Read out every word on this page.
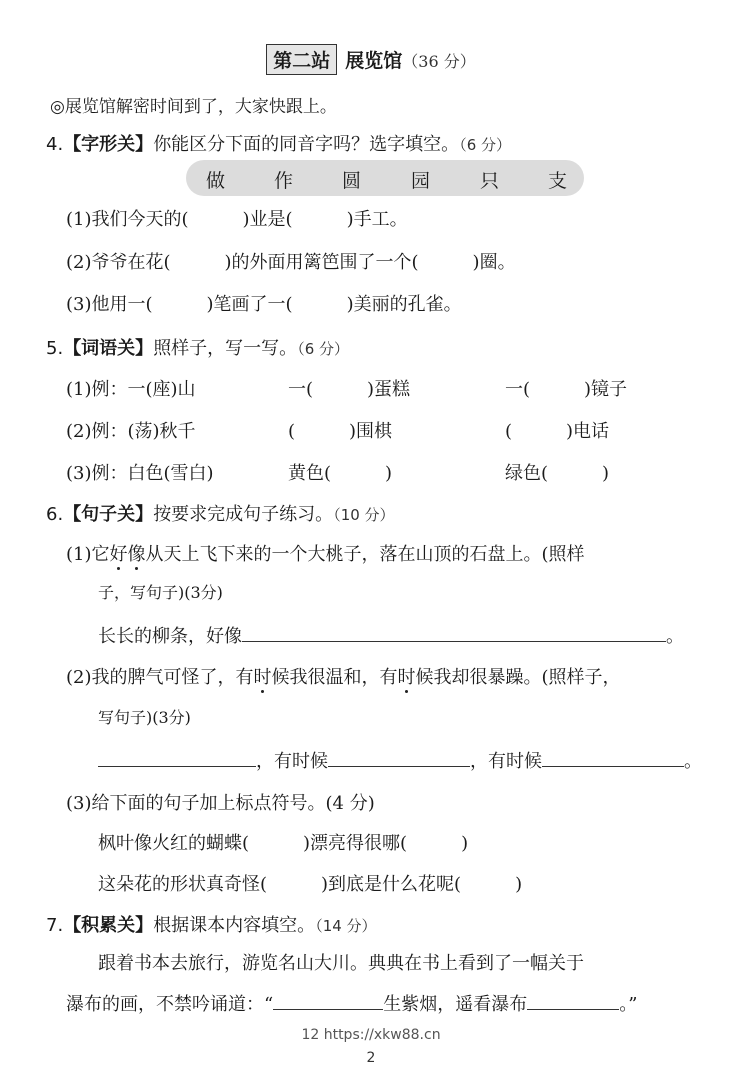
第二站 展览馆（36 分）
◎展览馆解密时间到了，大家快跟上。
4.【字形关】你能区分下面的同音字吗？选字填空。（6 分）
做	作	圆	园	只	支
(1)我们今天的(　　　)业是(　　　)手工。
(2)爷爷在花(　　　)的外面用篱笆围了一个(　　　)圈。
(3)他用一(　　　)笔画了一(　　　)美丽的孔雀。
5.【词语关】照样子，写一写。（6 分）
(1)例：一(座)山	一(　　　)蛋糕	一(　　　)镜子
(2)例：(荡)秋千	(　　　)围棋	(　　　)电话
(3)例：白色(雪白)	黄色(　　　)	绿色(　　　)
6.【句子关】按要求完成句子练习。（10 分）
(1)它好像从天上飞下来的一个大桃子，落在山顶的石盘上。(照样
子，写句子)(3分)
长长的柳条，好像	。
(2)我的脾气可怪了，有时候我很温和，有时候我却很暴躁。(照样子，
写句子)(3分)
，有时候	，有时候	。
(3)给下面的句子加上标点符号。(4 分)
枫叶像火红的蝴蝶(　　　)漂亮得很哪(　　　)
这朵花的形状真奇怪(　　　)到底是什么花呢(　　　)
7.【积累关】根据课本内容填空。（14 分）
跟着书本去旅行，游览名山大川。典典在书上看到了一幅关于
瀑布的画，不禁吟诵道：“	生紫烟，遥看瀑布	。”
12 https://xkw88.cn
2
